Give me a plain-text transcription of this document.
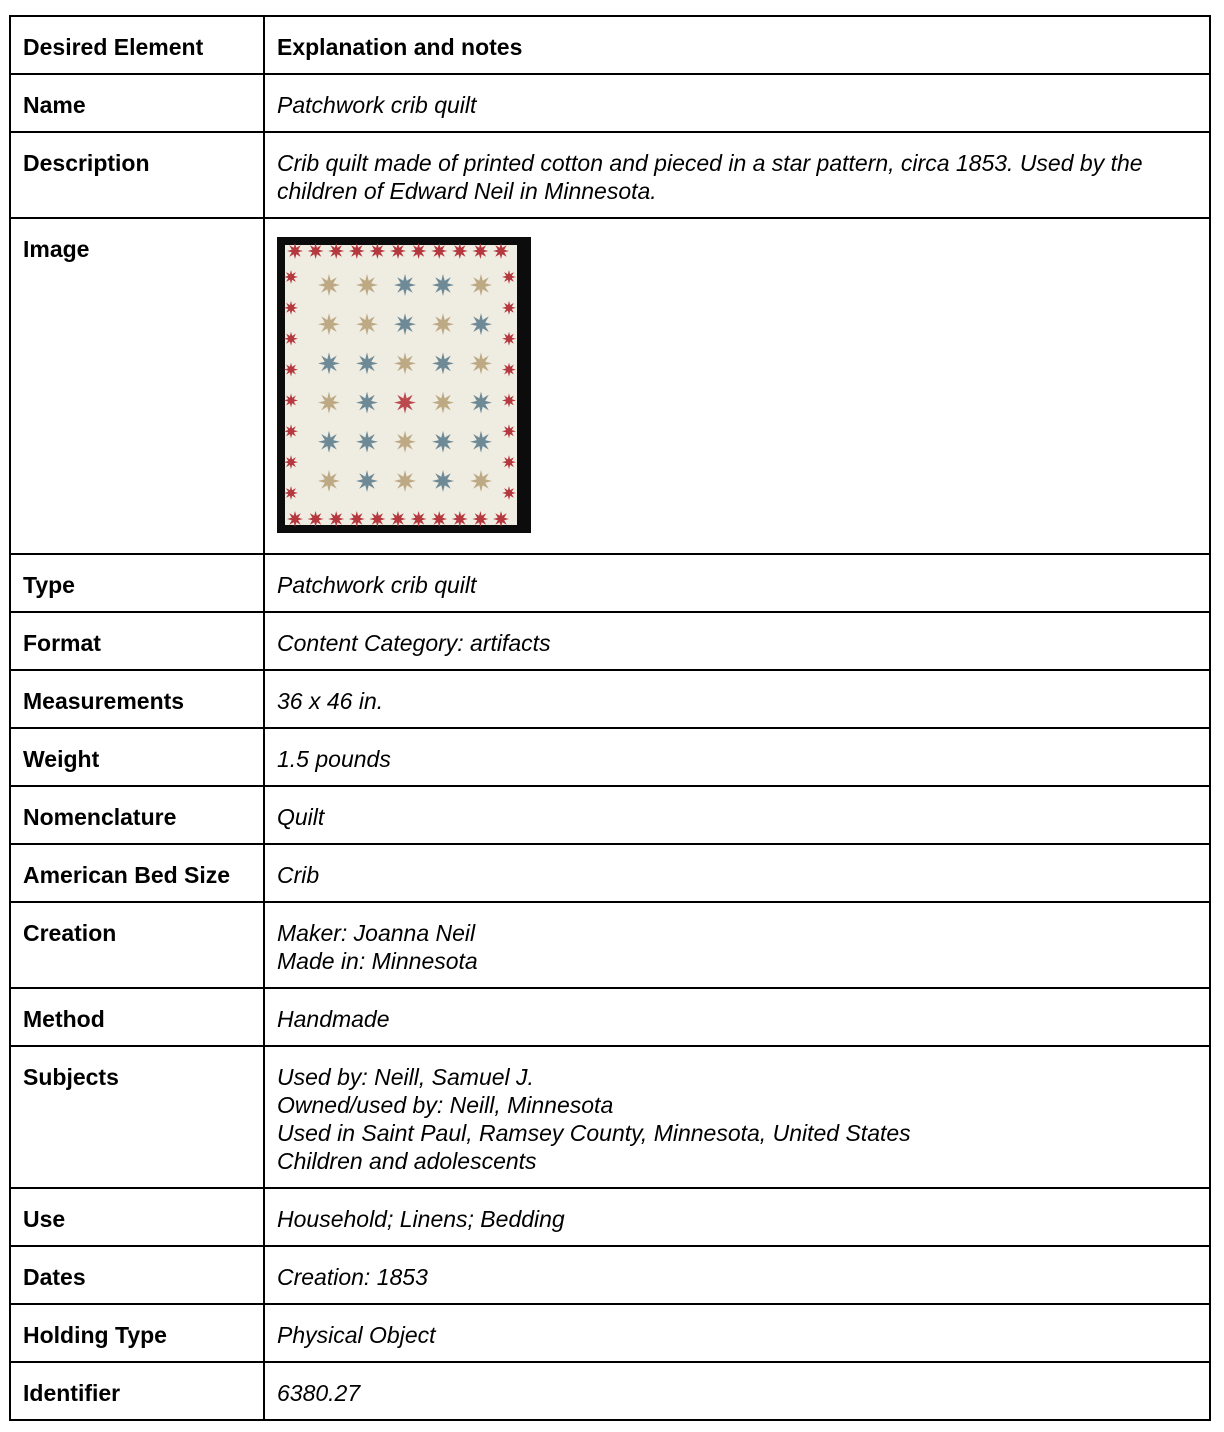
Desired Element	Explanation and notes
Name	Patchwork crib quilt

Description	Crib quilt made of printed cotton and pieced in a star pattern, circa 1853. Used by the
children of Edward Neil in Minnesota.

Image	

Type	Patchwork crib quilt

Format	Content Category: artifacts

Measurements	36 x 46 in.

Weight	1.5 pounds

Nomenclature	Quilt

American Bed Size	Crib

Creation	Maker: Joanna Neil
Made in: Minnesota

Method	Handmade

Subjects	Used by: Neill, Samuel J.
Owned/used by: Neill, Minnesota
Used in Saint Paul, Ramsey County, Minnesota, United States
Children and adolescents

Use	Household; Linens; Bedding

Dates	Creation: 1853

Holding Type	Physical Object

Identifier	6380.27
